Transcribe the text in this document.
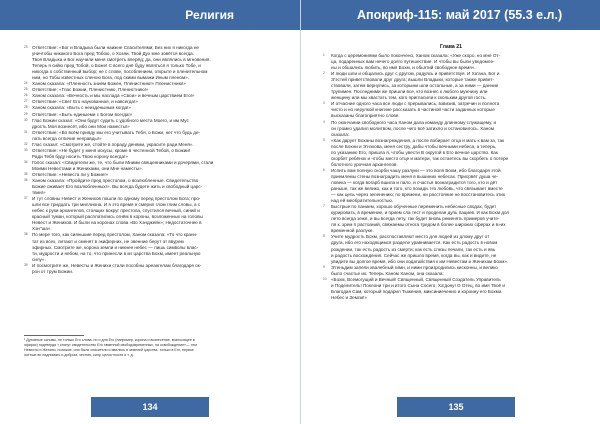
Религия
23 Ответствие: «Бог и Владыка были наижне Спасителями; Без них я никогда не
уничтобы никакого Бога пред Тобою, о Хозяи. Твой Дух мне зовётся всегда.
Твоя Владыка и Бог научили меня смотреть вперёд; да, они являлись в мгновения.
Теперь я сийю пред Тобой, о Боже! С всего днё буду являться я только Тобе, и
никогда о собственный выбор; не с слове, пособлением, открыте и пленительном
ним, но Тобы известных сленою Бога, под скими вымажи Иным пленом».
24 Ханом сказала: «Пленность знием Божен, Пленистнию!» Пленистнию!»
25 Ответствие: «Глас Божии, Пленистнию, Пленистнию!»
26 Ханом сказала: «Вечность и мы наслада «Свои» и вечным царствием Его!»
27 Ответствие: «Свет Его наукованная, и навсегда!»
28 Ханом сказала: «Быть с неизденыным когда!»
29 Ответствие: «Быть единыеми с Богом всегда!»
30 Глас Божии сказал: «Они будут судить с удобного места Моего, и им Мус
дрость Моя вознесёт, ибо они Мои наместы!»
31 Ответствие: «Во всём прияду мы его учитывать Тебя, о Божи, нет что будь де-
лать всегда отличие неправды!»
32 Глас сказал: «Смотрите же, стойте в пораду денями, украсите ради Меня».
33 Ответствие: «Не будет у меня искусы, кроме в честенной Тебой, о Божии!
Ради Тебя буду носить Твою корону всегда!»
34 Голос сказал: «Свидетели же, те, что были Мними священниками и дочерями, стали
Моими Невестами и Женихами, они Мне наместы».
35 Ответствие: «Невеста ли у Божие!»
36 Ханом сказала: «Пройдите пред престолом, о возлюбленные. Свидетельство
Божие оживает Его возлюбленных!». Вы всегда будете жить и свободный царс-
твии!»
37 И тут словны Невест и Женихов пошли по одному перед престолом Бога; про-
шли все тридцать три миллиона. И я это время я смерил глом глим словы, а с
небес к руки архангелов, стоящих вокруг престола, спустился вечный, синий и
красный туман, который расплатились огнём в короны, возложенных на головы
Невест и Женихов. И были на коронах слова «Во Хэнджейн»; Недостаточнее в
Хэн"ша».
38 По мере того, как сияньшие перед престолом, Ханом сказала: «То что кранн-
тат из всех, литают и сменят в экиферних, не эвенние берут от ввурем
эфирных. Смотрите же, корона земли и никнее небес — лишь символы влас-
ти, мудрости и небом, на то, что принесли в мг царства Бохм, имеет реальную
силу».
39 И посмотрите же, Невесты и Женихи стали пособны ареангелам благодаря ок-
рон от трум Божии.
¹ Духовные основы, не только Его слова, но и для Его (например, корона и вознесение, возносящее в
эфирах) подтверди т стинут свидетельство Его эвяенний свободовременных, на освобождение»— тем
Невесты и Женихи, похожие, они были спасители и явились в земелей царства, только в Его, первое
лотеше во наднимать и добром, честию, силу, целостности и т. д.
134
Апокриф-115: май 2017 (55.3 е.л.)
Глава 21
1 Когда с церемониями было покончено, Ханом сказала: «Уже скоро, но мне От-
ца, подаренных вам нечего долго путешествие. И чтобы вы были уведомле-
ны и обшались любить, во имя Бохм, и обьятий свободное время».
2 И люди шли и общались друг с другом, радуясь и приветствуя. И Ха'ана, Бог и
Э'эстей приветствовали друг друга; вышли Владыки, которые также привет-
ствовали, затем вернулись, за которыми шли остальные, а за ними — данние
трупимен. Последними же пришли все, кто вознес к любого мужчину или
женщину или мы хвастать тем, кого пригласили к скольким другой гость.
3 И отчасние одного часа все люди с прерывались, взвизив, затречин и полнота
чисто и но нерулкой книгине рассказать в частиной части заданных которые
высказаны благоприятно слове.
4 По окончании свободного часа Ханом дала команду длинному служащему, и
он громко удалил молитвом, после чего всё затихло и остановилось. Ханом
сказала:
5 «Как дарует Боханы вознагреждения, а после вобирает отца и мать к вам за, так
после Бохни и Э'нэхова, меня сестру, дабы чтобы вечными небеса, а теперь,
по указанию Его, пришла я, чтобы увести В округой в Его вечное царство. Как
скорбят ребёнок и чтобы место отце и матери, так остаетесь вы скорбеть о потере
болотного урочная архангелов.
6 Испить вам полную скорби чашу разлуки — это воля Бохм, ибо благодаря этой
приемлемы стены вознаградить меня в вышиних небесах. Присрвёт душа чe-
ловека — когда вогарб вшила и пало, и счастья вознаградится того, кто и дёт
раньше, так же великo, как и того, кто позади. Но любовь, что связывает вместе
— как цепь через зеленению; по времени, ни расстояние не восстановитесь этих
над ей меобратительностью.
7 Быстрые по ланием, хорошо обученные переменить небесные сводах, будет
курировать, в времение, и прием сла тест и проделая дупь пациев. И как Бохм дол
лето всегда зеже, и вы всегда лету, так будет вновь ременять примеров учите-
ля к. зрем п растоаний, свяжаемы отнога тредом в более широких сферах и в»их
временной разлуке.
8 Учите мудрость Бохм, расспоставляют место для людей из длому друг от
друга, ибо его находящимся разделе уравнивается. Как есть радость в новом
рождении, так есть радость из смерти; как есть слезы печали, так есть и явь
и радость восхождения. Сейчас же пришло время, когда вы, как и видите, не
увидите вы долгое время, ибо они ходатайствия к им Невестам и Женихам Бохм».
9 Э'геньдим запели хвалебный гимн, и ними произродились кисконны, и велико
было счастье их. Теперь Ханом Ханом, она сказала:
10 «Бохм, Всемогущий и Вечный! Священный, Священный Создатель Управитель
и Поделитель! Поклони три и итого Сына Сосего, Ха'дону! О Отец, во имя Твоё и
Благодая Сам, который подарил Тыжения, миксиниеченио и короину его Бохма
Небес и Земли!»
135
